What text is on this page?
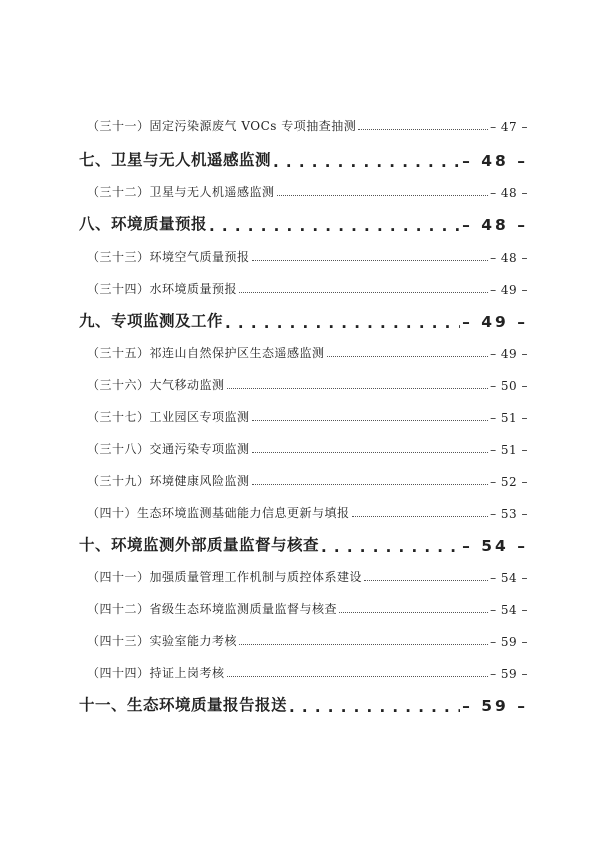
（三十一）固定污染源废气 VOCs 专项抽查抽测	– 47 –
七、卫星与无人机遥感监测 . . .	– 48 –
（三十二）卫星与无人机遥感监测	– 48 –
八、环境质量预报 . . .	– 48 –
（三十三）环境空气质量预报	– 48 –
（三十四）水环境质量预报	– 49 –
九、专项监测及工作 . . .	– 49 –
（三十五）祁连山自然保护区生态遥感监测	– 49 –
（三十六）大气移动监测	– 50 –
（三十七）工业园区专项监测	– 51 –
（三十八）交通污染专项监测	– 51 –
（三十九）环境健康风险监测	– 52 –
（四十）生态环境监测基础能力信息更新与填报	– 53 –
十、环境监测外部质量监督与核查 . . .	– 54 –
（四十一）加强质量管理工作机制与质控体系建设	– 54 –
（四十二）省级生态环境监测质量监督与核查	– 54 –
（四十三）实验室能力考核	– 59 –
（四十四）持证上岗考核	– 59 –
十一、生态环境质量报告报送 . . .	– 59 –
